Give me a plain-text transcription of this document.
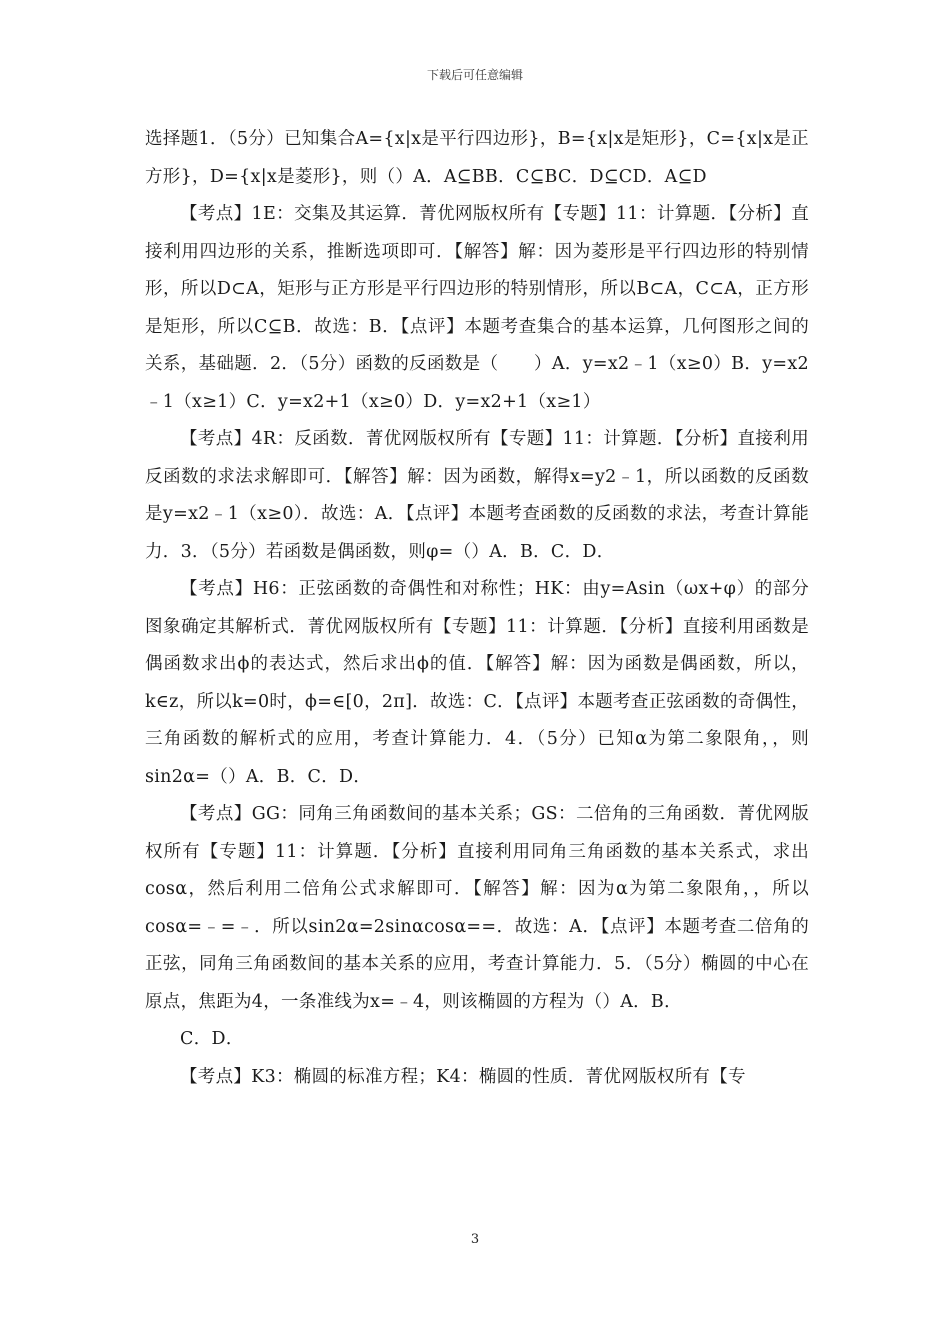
下载后可任意编辑

选择题1．（5分）已知集合A={x|x是平行四边形}，B={x|x是矩形}，C={x|x是正方形}，D={x|x是菱形}，则（）A．A⊆BB．C⊆BC．D⊆CD．A⊆D

【考点】1E：交集及其运算．菁优网版权所有【专题】11：计算题．【分析】直接利用四边形的关系，推断选项即可．【解答】解：因为菱形是平行四边形的特别情形，所以D⊂A，矩形与正方形是平行四边形的特别情形，所以B⊂A，C⊂A，正方形是矩形，所以C⊆B．故选：B．【点评】本题考查集合的基本运算，几何图形之间的关系，基础题．2．（5分）函数的反函数是（　　）A．y=x2﹣1（x≥0）B．y=x2﹣1（x≥1）C．y=x2+1（x≥0）D．y=x2+1（x≥1）

【考点】4R：反函数．菁优网版权所有【专题】11：计算题．【分析】直接利用反函数的求法求解即可．【解答】解：因为函数，解得x=y2﹣1，所以函数的反函数是y=x2﹣1（x≥0）．故选：A．【点评】本题考查函数的反函数的求法，考查计算能力．3．（5分）若函数是偶函数，则φ=（）A．B．C．D．

【考点】H6：正弦函数的奇偶性和对称性；HK：由y=Asin（ωx+φ）的部分图象确定其解析式．菁优网版权所有【专题】11：计算题．【分析】直接利用函数是偶函数求出ϕ的表达式，然后求出ϕ的值．【解答】解：因为函数是偶函数，所以，k∈z，所以k=0时，ϕ=∈[0，2π]．故选：C．【点评】本题考查正弦函数的奇偶性，三角函数的解析式的应用，考查计算能力．4．（5分）已知α为第二象限角，，则sin2α=（）A．B．C．D．

【考点】GG：同角三角函数间的基本关系；GS：二倍角的三角函数．菁优网版权所有【专题】11：计算题．【分析】直接利用同角三角函数的基本关系式，求出cosα，然后利用二倍角公式求解即可．【解答】解：因为α为第二象限角，，所以cosα=﹣=﹣．所以sin2α=2sinαcosα==．故选：A．【点评】本题考查二倍角的正弦，同角三角函数间的基本关系的应用，考查计算能力．5．（5分）椭圆的中心在原点，焦距为4，一条准线为x=﹣4，则该椭圆的方程为（）A．B．

C．D．

【考点】K3：椭圆的标准方程；K4：椭圆的性质．菁优网版权所有【专

3
